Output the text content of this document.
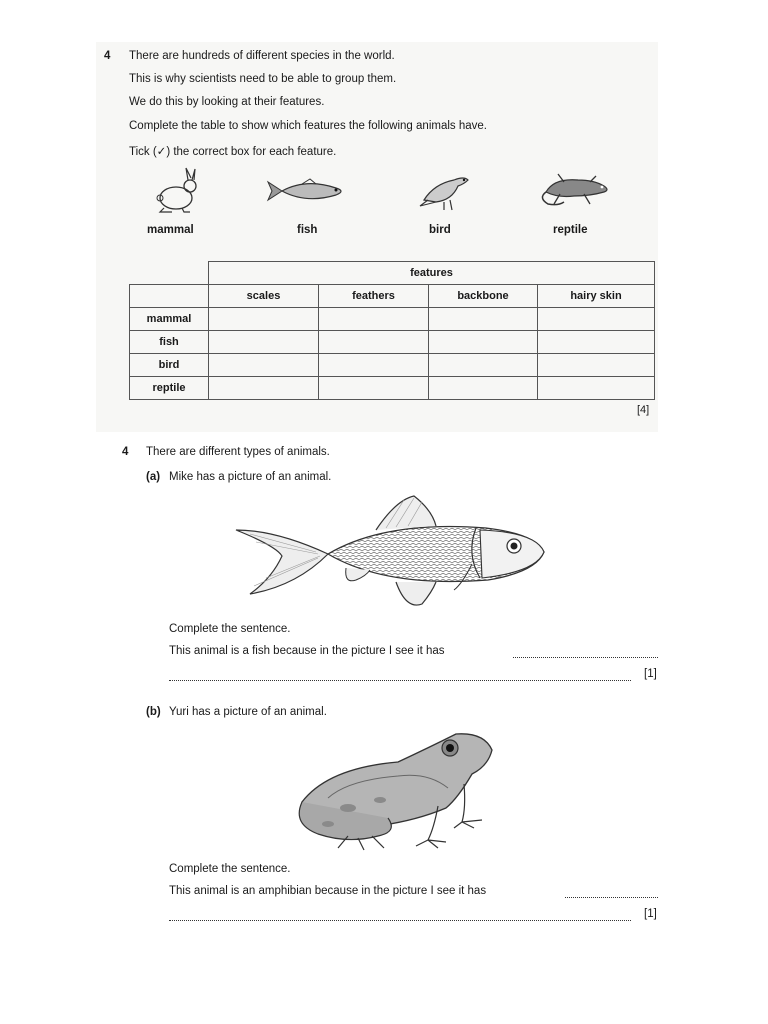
4 There are hundreds of different species in the world.
This is why scientists need to be able to group them.
We do this by looking at their features.
Complete the table to show which features the following animals have.
Tick (✓) the correct box for each feature.
mammal	fish	bird	reptile
	features			
	scales	feathers	backbone	hairy skin
mammal				
fish				
bird				
reptile				
[4]
4 There are different types of animals.
(a) Mike has a picture of an animal.
Complete the sentence.
This animal is a fish because in the picture I see it has
[1]
(b) Yuri has a picture of an animal.
Complete the sentence.
This animal is an amphibian because in the picture I see it has
[1]
